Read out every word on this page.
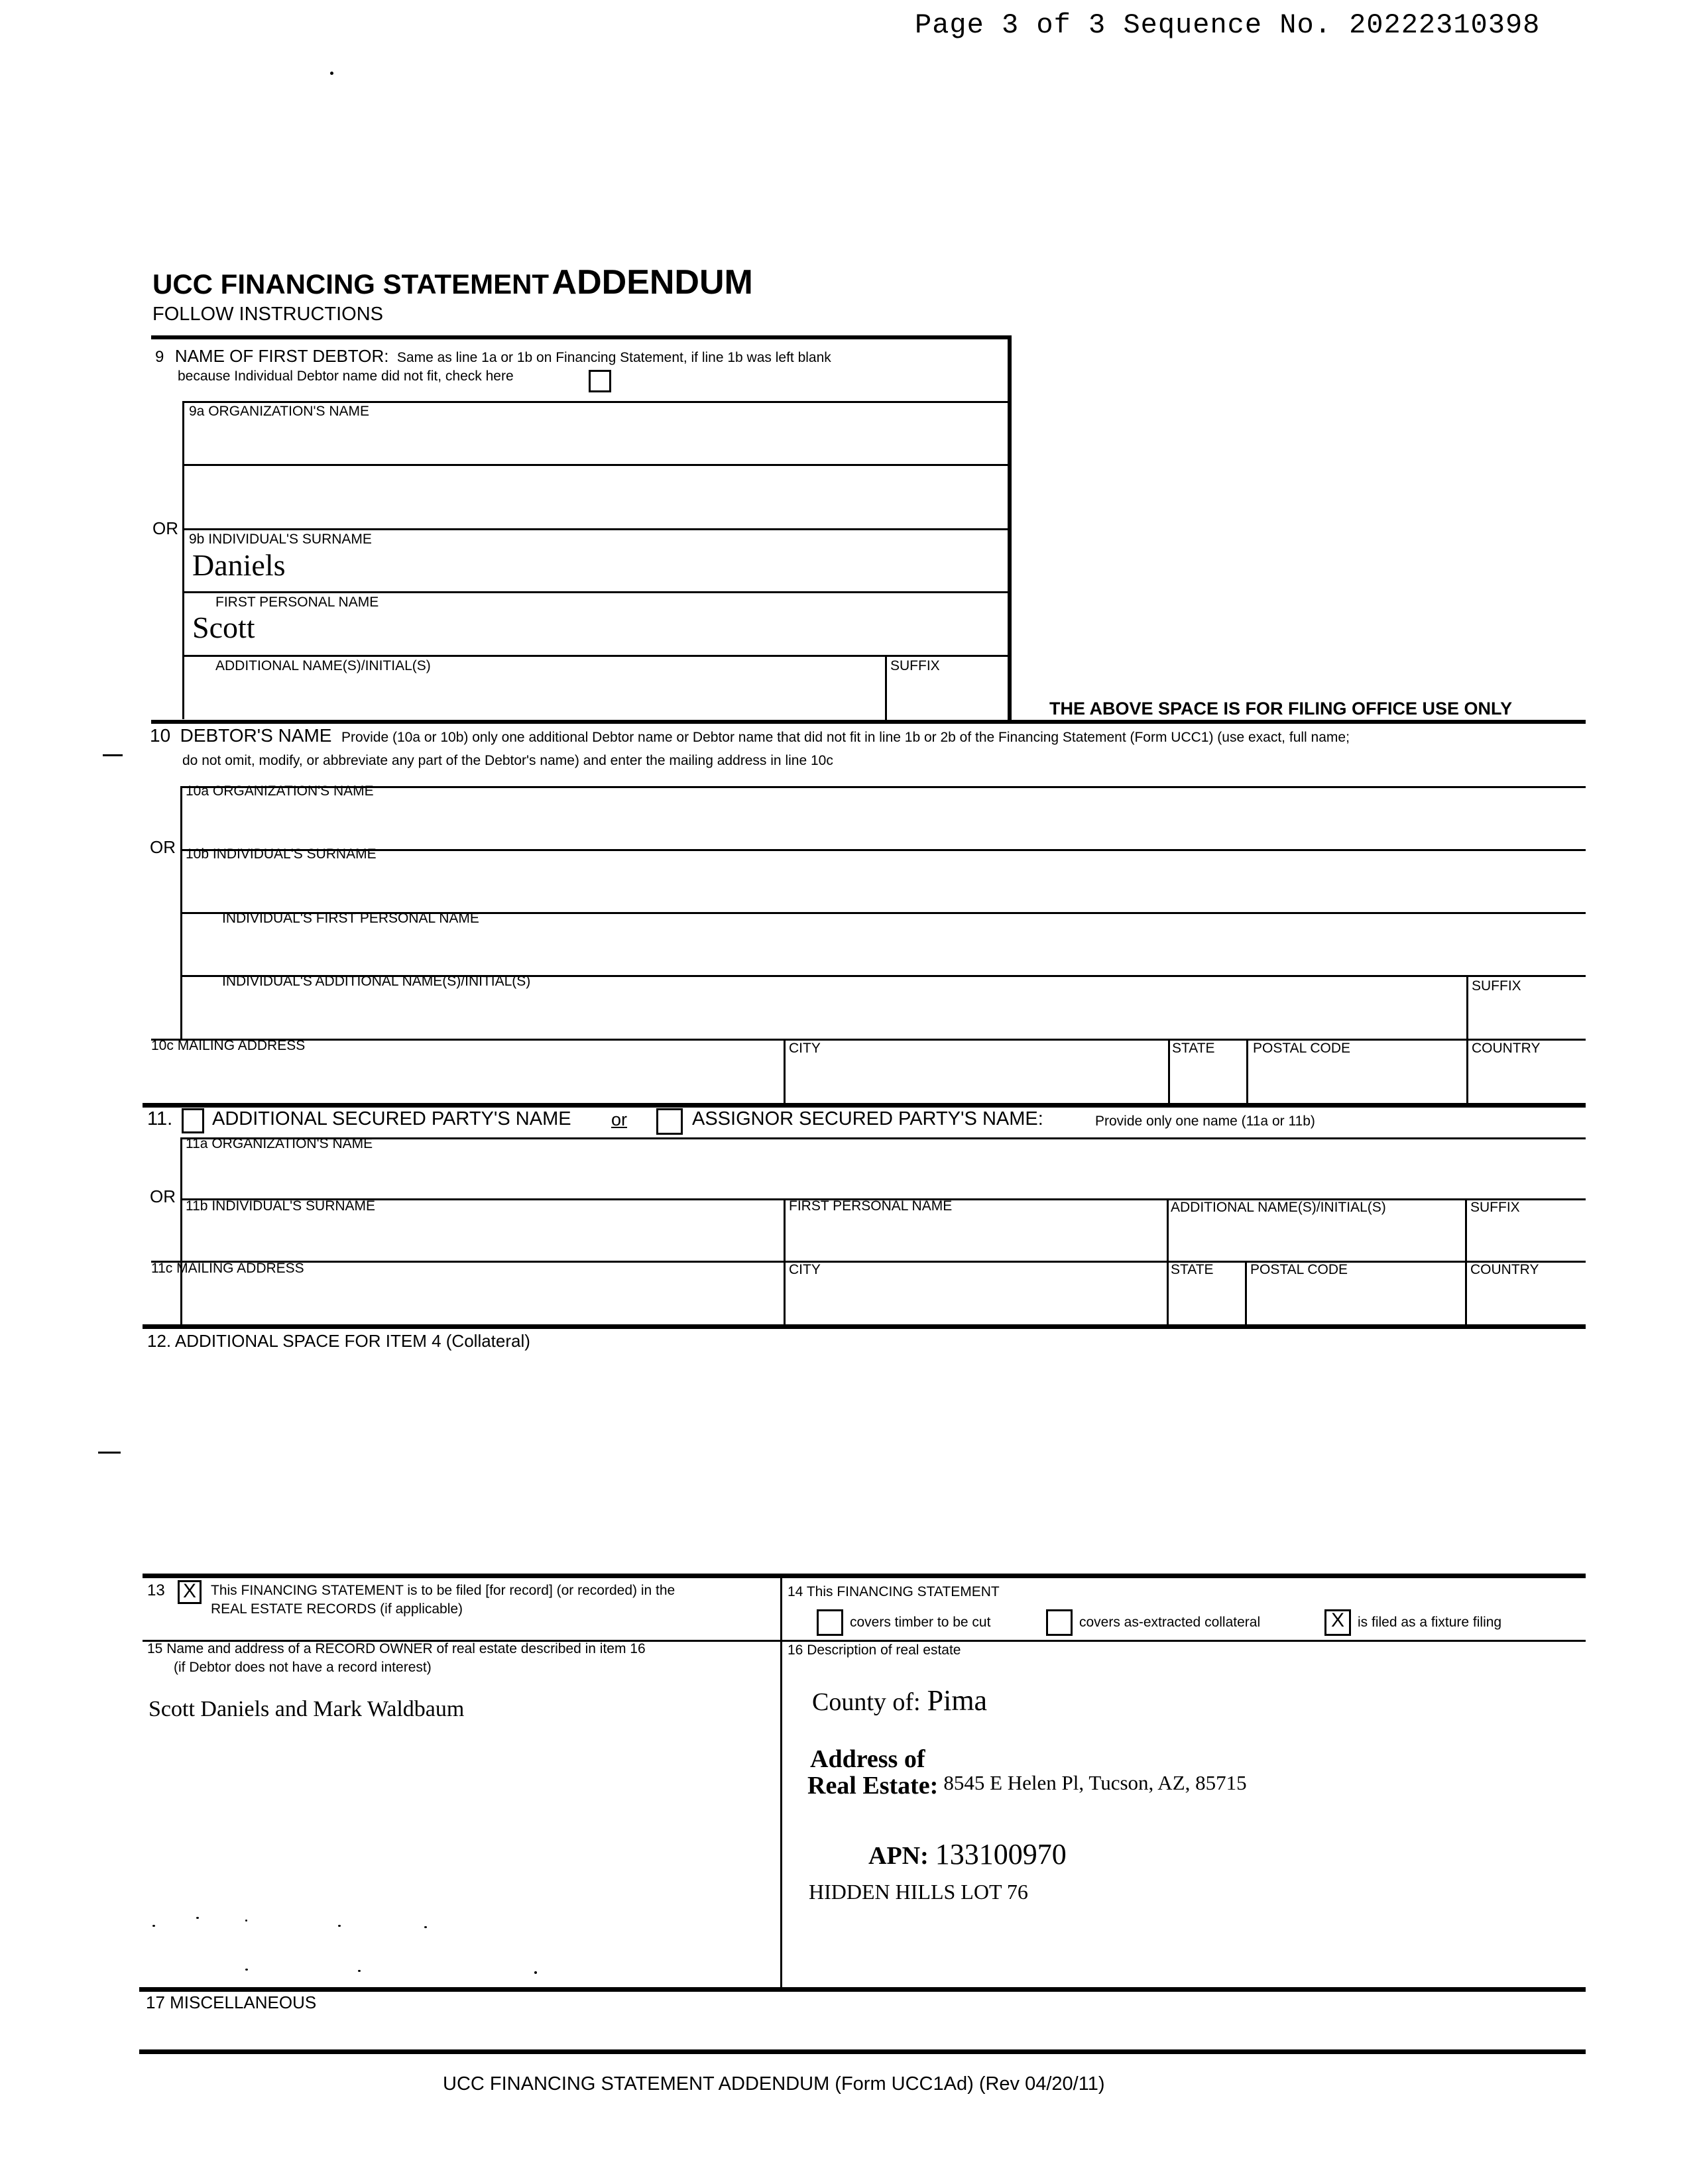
Page 3 of 3 Sequence No. 20222310398
UCC FINANCING STATEMENT ADDENDUM
FOLLOW INSTRUCTIONS
9 NAME OF FIRST DEBTOR: Same as line 1a or 1b on Financing Statement, if line 1b was left blank
because Individual Debtor name did not fit, check here
9a ORGANIZATION'S NAME
OR
9b INDIVIDUAL'S SURNAME
Daniels
FIRST PERSONAL NAME
Scott
ADDITIONAL NAME(S)/INITIAL(S)	SUFFIX
THE ABOVE SPACE IS FOR FILING OFFICE USE ONLY
10 DEBTOR'S NAME Provide (10a or 10b) only one additional Debtor name or Debtor name that did not fit in line 1b or 2b of the Financing Statement (Form UCC1) (use exact, full name;
do not omit, modify, or abbreviate any part of the Debtor's name) and enter the mailing address in line 10c
10a ORGANIZATION'S NAME
OR 10b INDIVIDUAL'S SURNAME
INDIVIDUAL'S FIRST PERSONAL NAME
INDIVIDUAL'S ADDITIONAL NAME(S)/INITIAL(S)	SUFFIX
10c MAILING ADDRESS	CITY	STATE	POSTAL CODE	COUNTRY
11. ADDITIONAL SECURED PARTY'S NAME or	ASSIGNOR SECURED PARTY'S NAME:	Provide only one name (11a or 11b)
11a ORGANIZATION'S NAME
OR 11b INDIVIDUAL'S SURNAME	FIRST PERSONAL NAME	ADDITIONAL NAME(S)/INITIAL(S)	SUFFIX
11c MAILING ADDRESS	CITY	STATE	POSTAL CODE	COUNTRY
12. ADDITIONAL SPACE FOR ITEM 4 (Collateral)
13 X	This FINANCING STATEMENT is to be filed [for record] (or recorded) in the
REAL ESTATE RECORDS (if applicable)
14 This FINANCING STATEMENT
covers timber to be cut	covers as-extracted collateral	X is filed as a fixture filing
15 Name and address of a RECORD OWNER of real estate described in item 16
(if Debtor does not have a record interest)
Scott Daniels and Mark Waldbaum
16 Description of real estate
County of: Pima
Address of
Real Estate: 8545 E Helen Pl, Tucson, AZ, 85715
APN: 133100970
HIDDEN HILLS LOT 76
17 MISCELLANEOUS
UCC FINANCING STATEMENT ADDENDUM (Form UCC1Ad) (Rev 04/20/11)
